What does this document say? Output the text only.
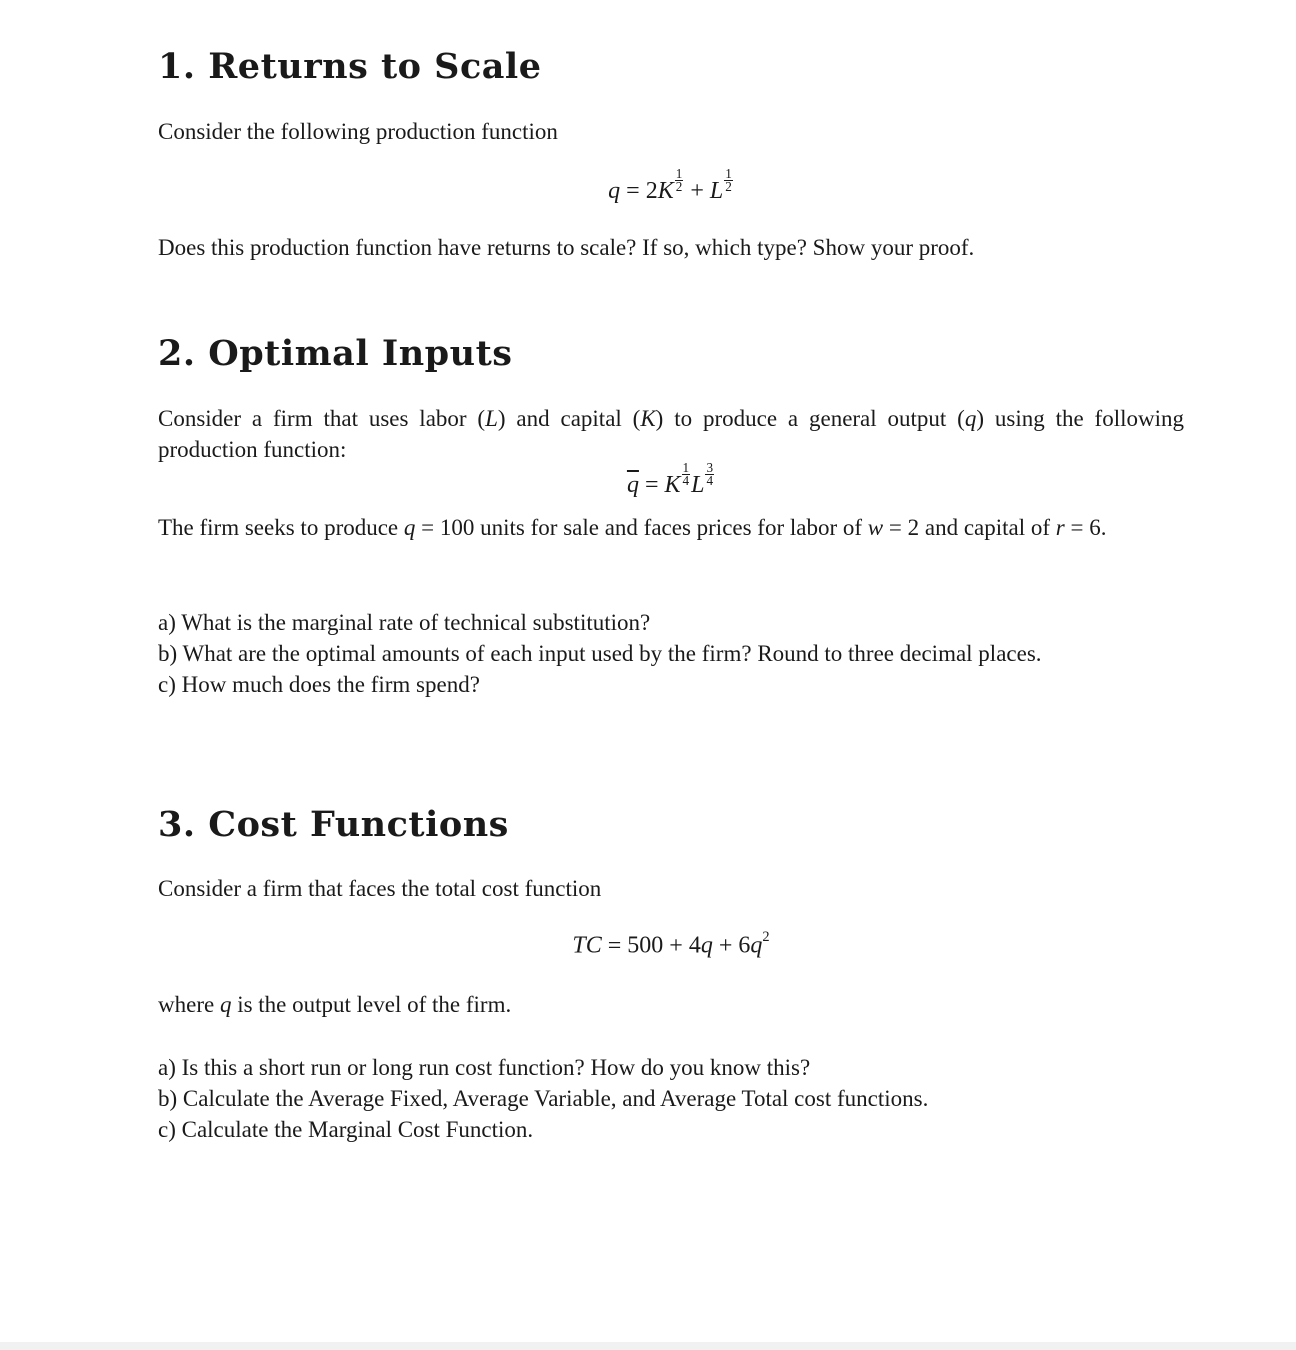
1. Returns to Scale

Consider the following production function

$q = 2K \frac{1}{2} + L \frac{1}{2}$

Does this production function have returns to scale? If so, which type? Show your proof.

2. Optimal Inputs

Consider a firm that uses labor (L) and capital (K) to produce a general output (q) using the following production function:

$\overline{q} = K \frac{1}{4}$ L $\frac{3}{4}$

The firm seeks to produce q = 100 units for sale and faces prices for labor of w = 2 and capital of r = 6.

a) What is the marginal rate of technical substitution?
b) What are the optimal amounts of each input used by the firm? Round to three decimal places.
c) How much does the firm spend?
3. Cost Functions

Consider a firm that faces the total cost function

TC = $500 + 4q + 6q^2$

where q is the output level of the firm.

a) Is this a short run or long run cost function? How do you know this?
b) Calculate the Average Fixed, Average Variable, and Average Total cost functions.
c) Calculate the Marginal Cost Function.
